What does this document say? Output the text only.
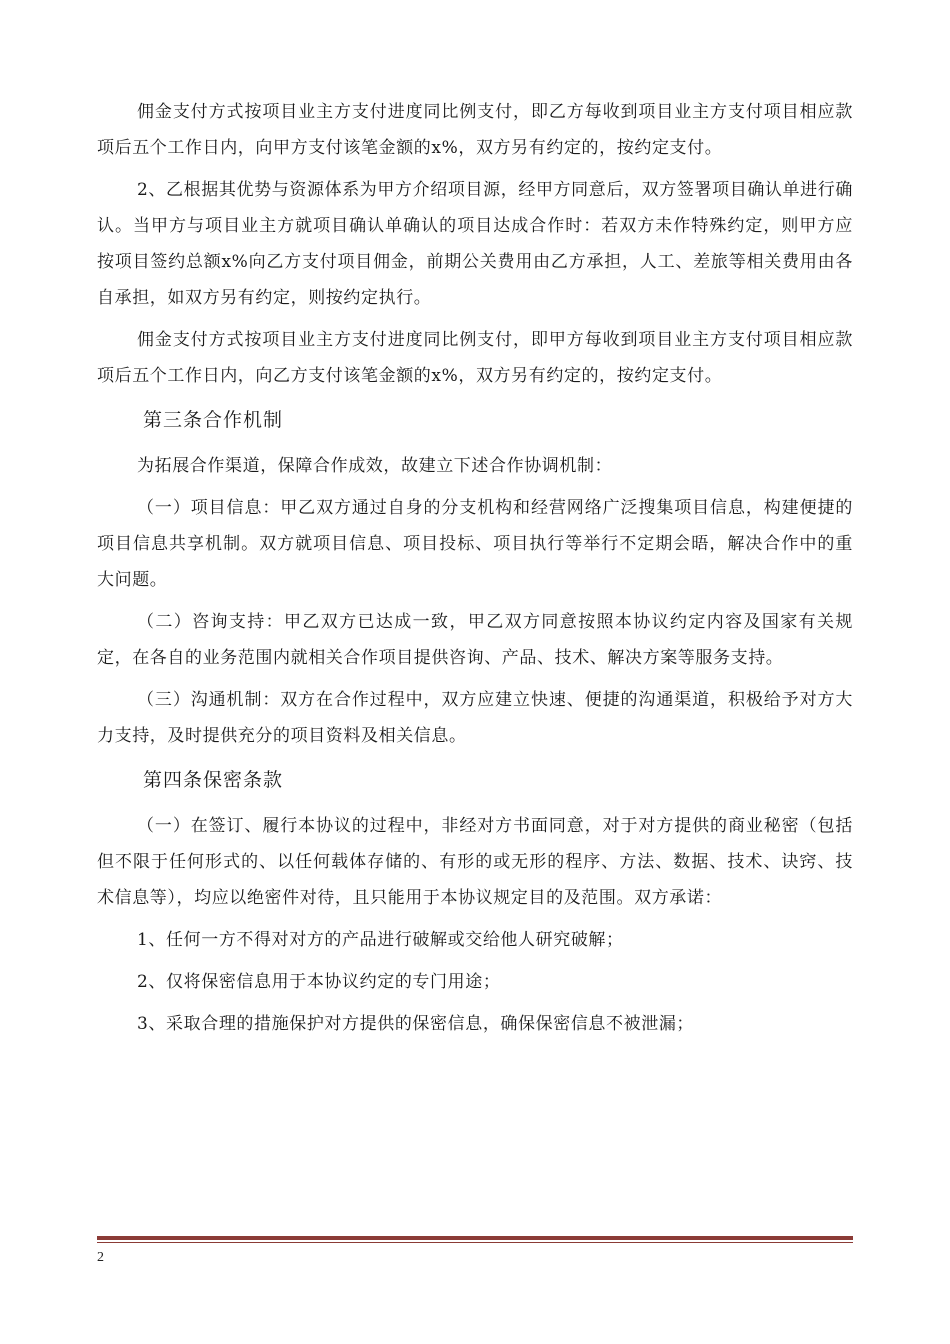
佣金支付方式按项目业主方支付进度同比例支付，即乙方每收到项目业主方支付项目相应款项后五个工作日内，向甲方支付该笔金额的x%，双方另有约定的，按约定支付。

2、乙根据其优势与资源体系为甲方介绍项目源，经甲方同意后，双方签署项目确认单进行确认。当甲方与项目业主方就项目确认单确认的项目达成合作时：若双方未作特殊约定，则甲方应按项目签约总额x%向乙方支付项目佣金，前期公关费用由乙方承担，人工、差旅等相关费用由各自承担，如双方另有约定，则按约定执行。

佣金支付方式按项目业主方支付进度同比例支付，即甲方每收到项目业主方支付项目相应款项后五个工作日内，向乙方支付该笔金额的x%，双方另有约定的，按约定支付。

第三条合作机制

为拓展合作渠道，保障合作成效，故建立下述合作协调机制：

（一）项目信息：甲乙双方通过自身的分支机构和经营网络广泛搜集项目信息，构建便捷的项目信息共享机制。双方就项目信息、项目投标、项目执行等举行不定期会晤，解决合作中的重大问题。

（二）咨询支持：甲乙双方已达成一致，甲乙双方同意按照本协议约定内容及国家有关规定，在各自的业务范围内就相关合作项目提供咨询、产品、技术、解决方案等服务支持。

（三）沟通机制：双方在合作过程中，双方应建立快速、便捷的沟通渠道，积极给予对方大力支持，及时提供充分的项目资料及相关信息。

第四条保密条款

（一）在签订、履行本协议的过程中，非经对方书面同意，对于对方提供的商业秘密（包括但不限于任何形式的、以任何载体存储的、有形的或无形的程序、方法、数据、技术、诀窍、技术信息等），均应以绝密件对待，且只能用于本协议规定目的及范围。双方承诺：

1、任何一方不得对对方的产品进行破解或交给他人研究破解；

2、仅将保密信息用于本协议约定的专门用途；

3、采取合理的措施保护对方提供的保密信息，确保保密信息不被泄漏；

2
